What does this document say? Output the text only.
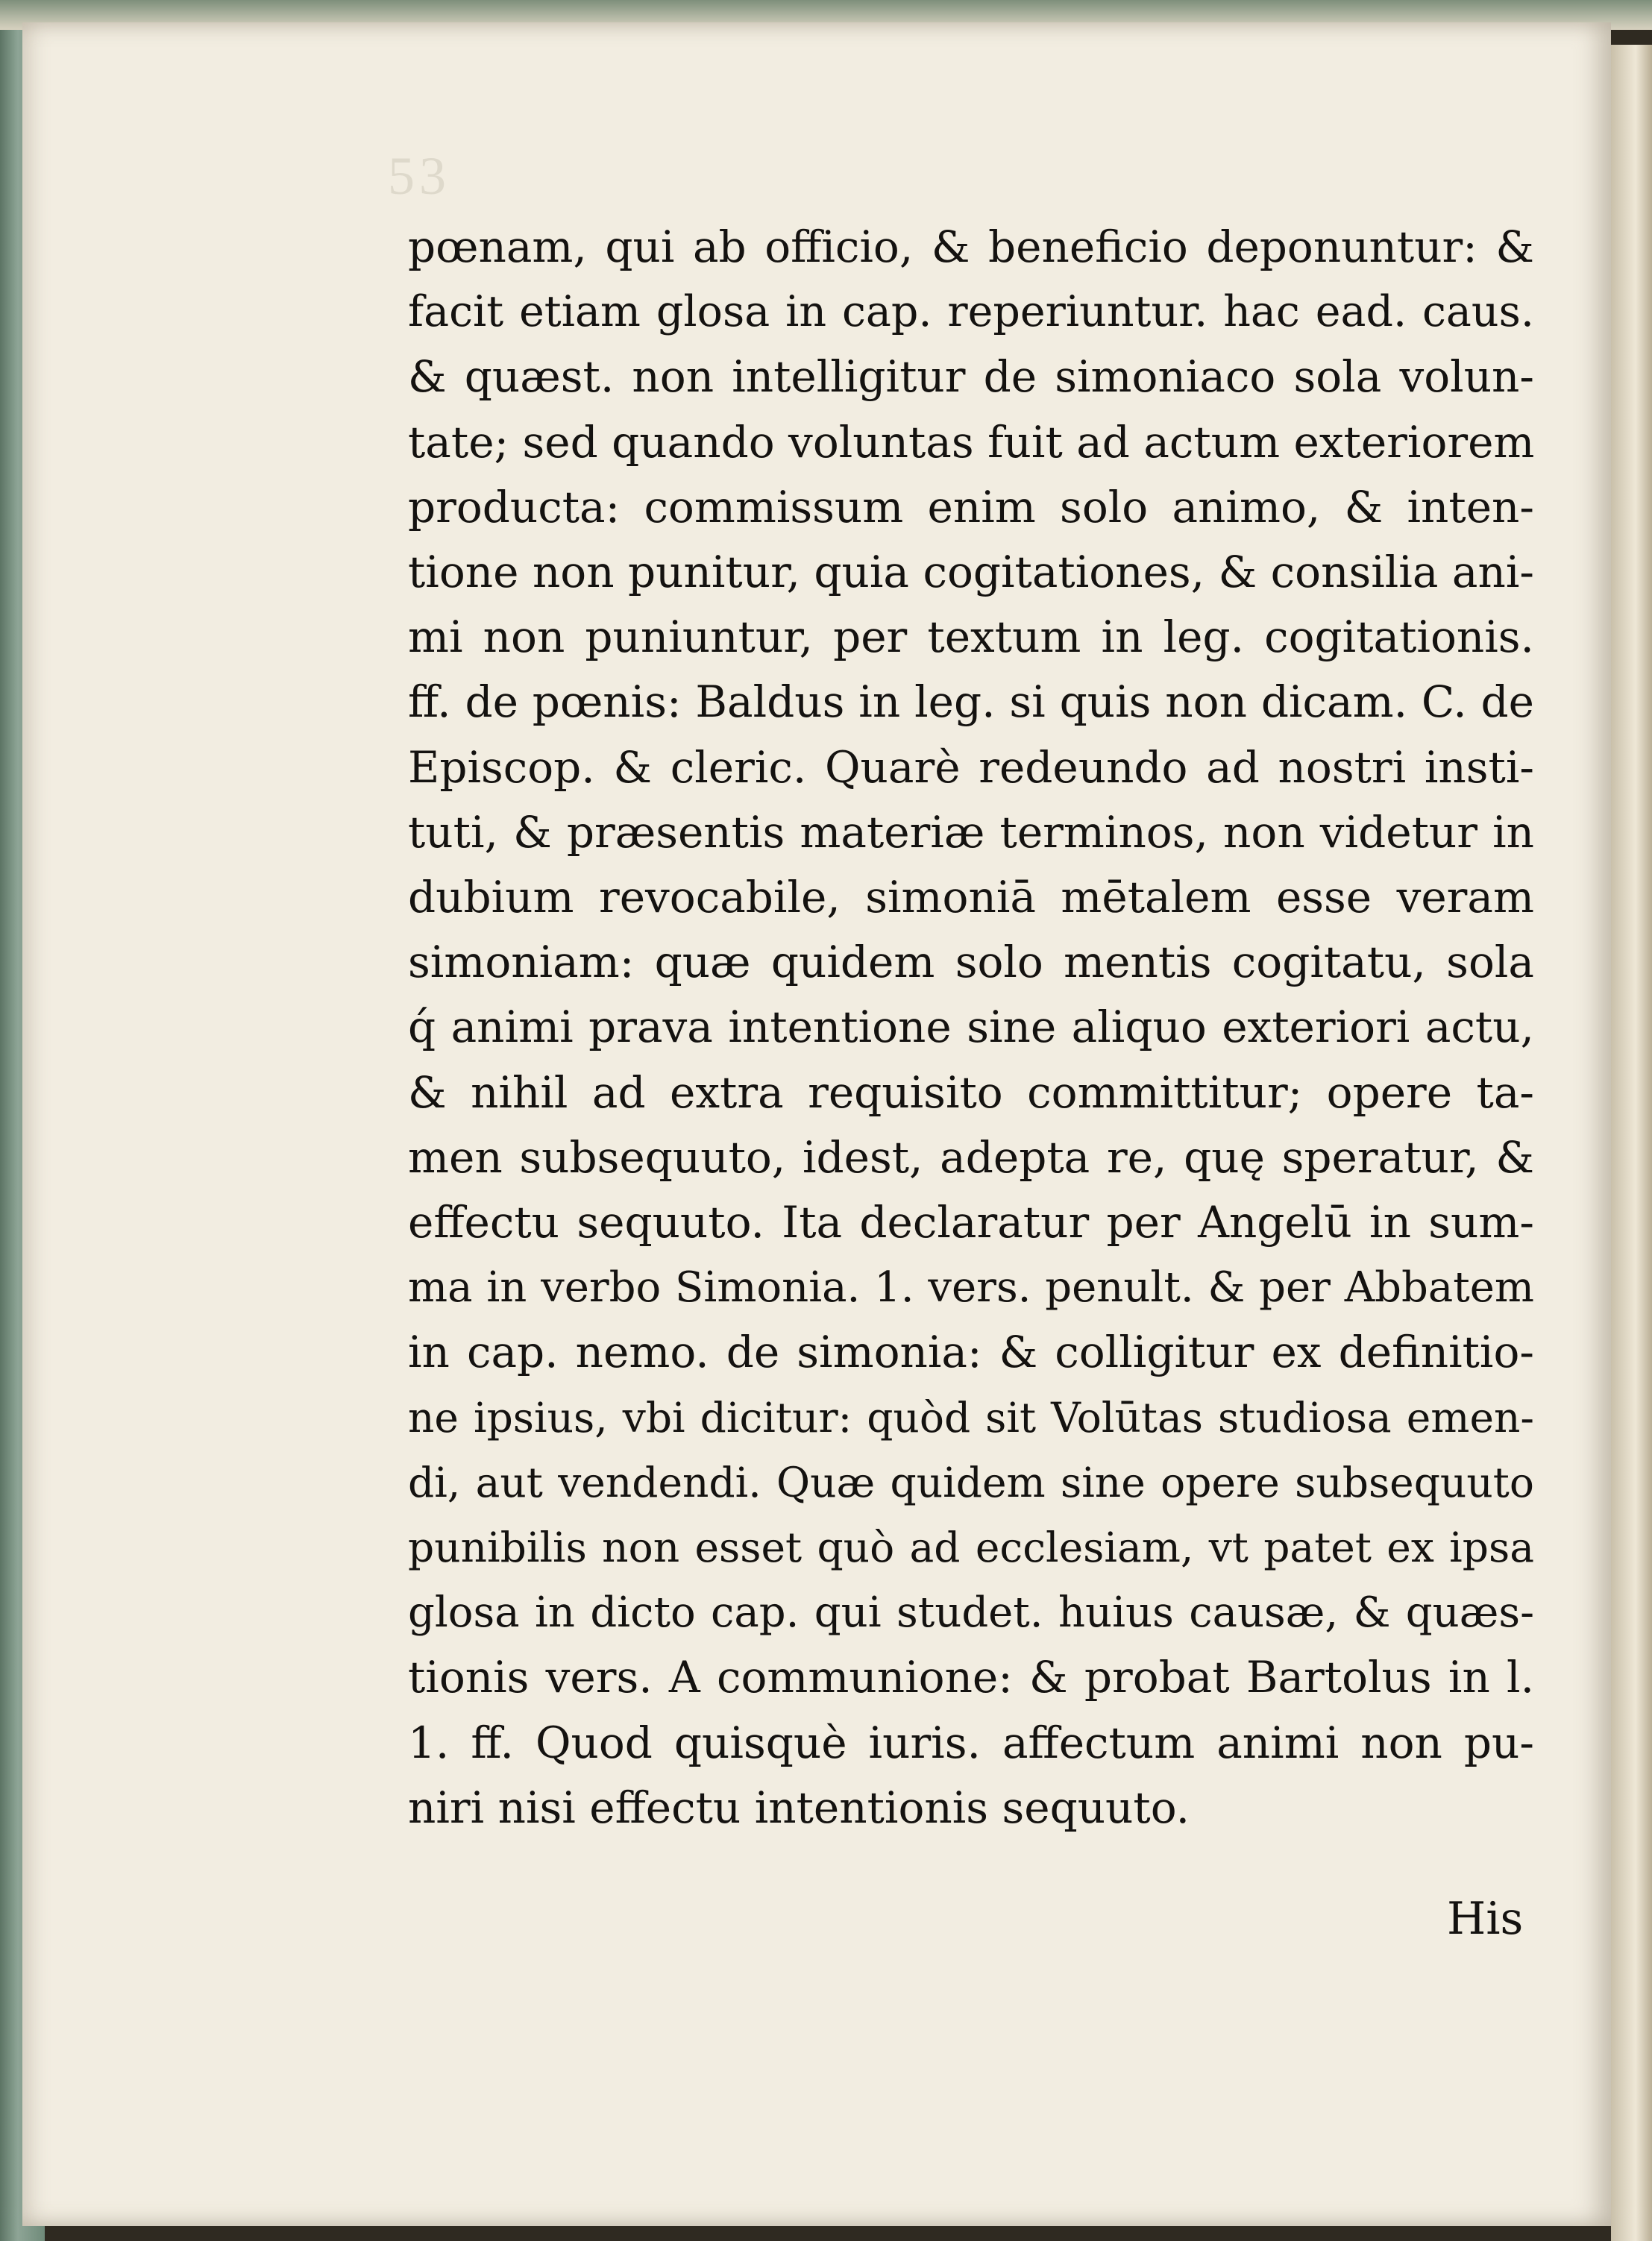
53
pœnam, qui ab officio, & beneficio deponuntur: &
facit etiam glosa in cap. reperiuntur. hac ead. caus.
& quæst. non intelligitur de simoniaco sola volun-
tate; sed quando voluntas fuit ad actum exteriorem
producta: commissum enim solo animo, & inten-
tione non punitur, quia cogitationes, & consilia ani-
mi non puniuntur, per textum in leg. cogitationis.
ff. de pœnis: Baldus in leg. si quis non dicam. C. de
Episcop. & cleric. Quarè redeundo ad nostri insti-
tuti, & præsentis materiæ terminos, non videtur in
dubium revocabile, simoniā mētalem esse veram
simoniam: quæ quidem solo mentis cogitatu, sola
q́ animi prava intentione sine aliquo exteriori actu,
& nihil ad extra requisito committitur; opere ta-
men subsequuto, idest, adepta re, quę speratur, &
effectu sequuto. Ita declaratur per Angelū in sum-
ma in verbo Simonia. 1. vers. penult. & per Abbatem
in cap. nemo. de simonia: & colligitur ex definitio-
ne ipsius, vbi dicitur: quòd sit Volūtas studiosa emen-
di, aut vendendi. Quæ quidem sine opere subsequuto
punibilis non esset quò ad ecclesiam, vt patet ex ipsa
glosa in dicto cap. qui studet. huius causæ, & quæs-
tionis vers. A communione: & probat Bartolus in l.
1. ff. Quod quisquè iuris. affectum animi non pu-
niri nisi effectu intentionis sequuto.
His
